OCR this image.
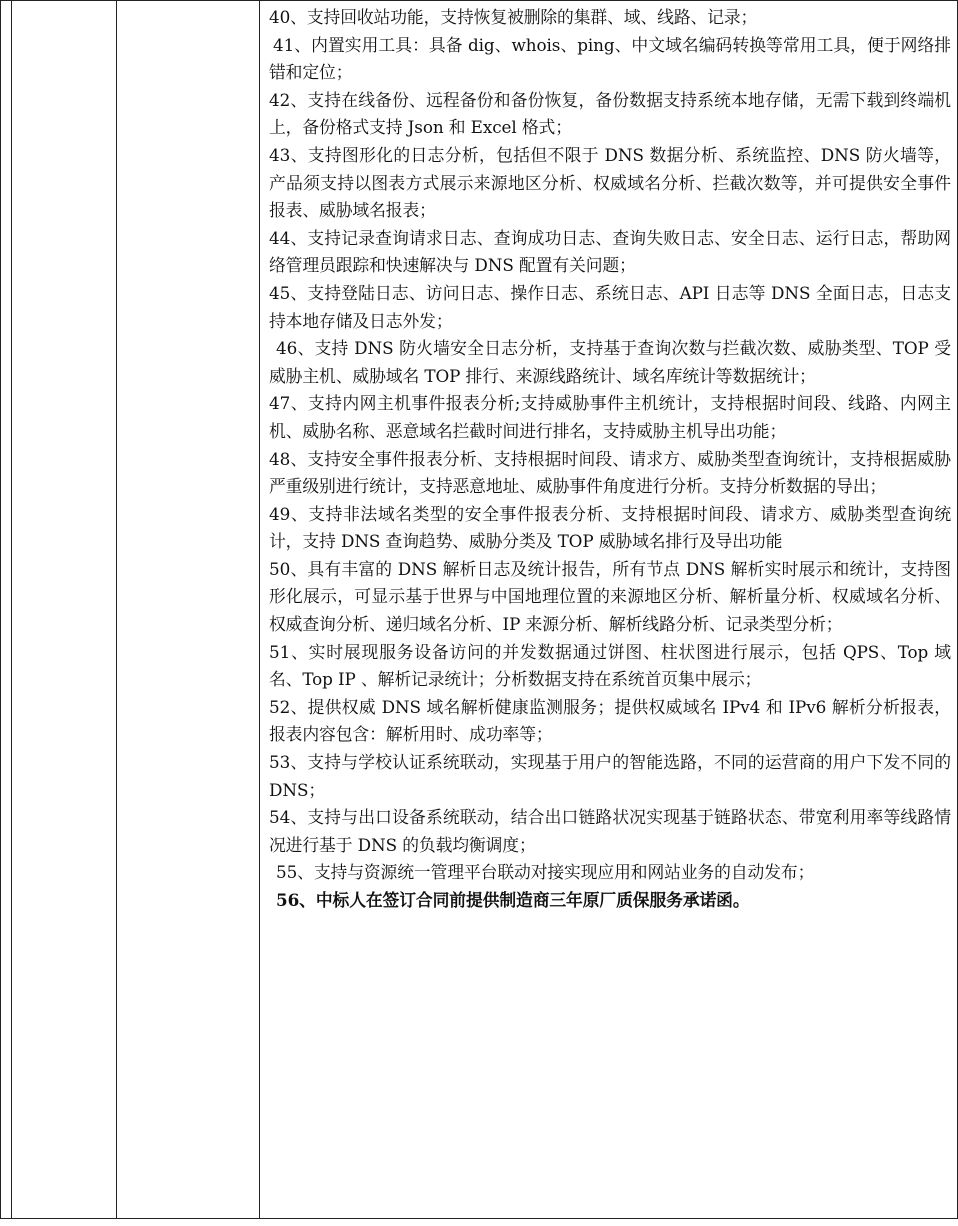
40、支持回收站功能，支持恢复被删除的集群、域、线路、记录；

41、内置实用工具：具备 dig、whois、ping、中文域名编码转换等常用工具，便于网络排错和定位；

42、支持在线备份、远程备份和备份恢复，备份数据支持系统本地存储，无需下载到终端机上，备份格式支持 Json 和 Excel 格式；

43、支持图形化的日志分析，包括但不限于 DNS 数据分析、系统监控、DNS 防火墙等，产品须支持以图表方式展示来源地区分析、权威域名分析、拦截次数等，并可提供安全事件报表、威胁域名报表；

44、支持记录查询请求日志、查询成功日志、查询失败日志、安全日志、运行日志，帮助网络管理员跟踪和快速解决与 DNS 配置有关问题；

45、支持登陆日志、访问日志、操作日志、系统日志、API 日志等 DNS 全面日志，日志支持本地存储及日志外发；

46、支持 DNS 防火墙安全日志分析，支持基于查询次数与拦截次数、威胁类型、TOP 受威胁主机、威胁域名 TOP 排行、来源线路统计、域名库统计等数据统计；

47、支持内网主机事件报表分析;支持威胁事件主机统计，支持根据时间段、线路、内网主机、威胁名称、恶意域名拦截时间进行排名，支持威胁主机导出功能；

48、支持安全事件报表分析、支持根据时间段、请求方、威胁类型查询统计，支持根据威胁严重级别进行统计，支持恶意地址、威胁事件角度进行分析。支持分析数据的导出；

49、支持非法域名类型的安全事件报表分析、支持根据时间段、请求方、威胁类型查询统计，支持 DNS 查询趋势、威胁分类及 TOP 威胁域名排行及导出功能

50、具有丰富的 DNS 解析日志及统计报告，所有节点 DNS 解析实时展示和统计，支持图形化展示，可显示基于世界与中国地理位置的来源地区分析、解析量分析、权威域名分析、权威查询分析、递归域名分析、IP 来源分析、解析线路分析、记录类型分析；

51、实时展现服务设备访问的并发数据通过饼图、柱状图进行展示，包括 QPS、Top 域名、Top IP 、解析记录统计；分析数据支持在系统首页集中展示；

52、提供权威 DNS 域名解析健康监测服务；提供权威域名 IPv4 和 IPv6 解析分析报表，报表内容包含：解析用时、成功率等；

53、支持与学校认证系统联动，实现基于用户的智能选路，不同的运营商的用户下发不同的 DNS；

54、支持与出口设备系统联动，结合出口链路状况实现基于链路状态、带宽利用率等线路情况进行基于 DNS 的负载均衡调度；

55、支持与资源统一管理平台联动对接实现应用和网站业务的自动发布；

56、中标人在签订合同前提供制造商三年原厂质保服务承诺函。
